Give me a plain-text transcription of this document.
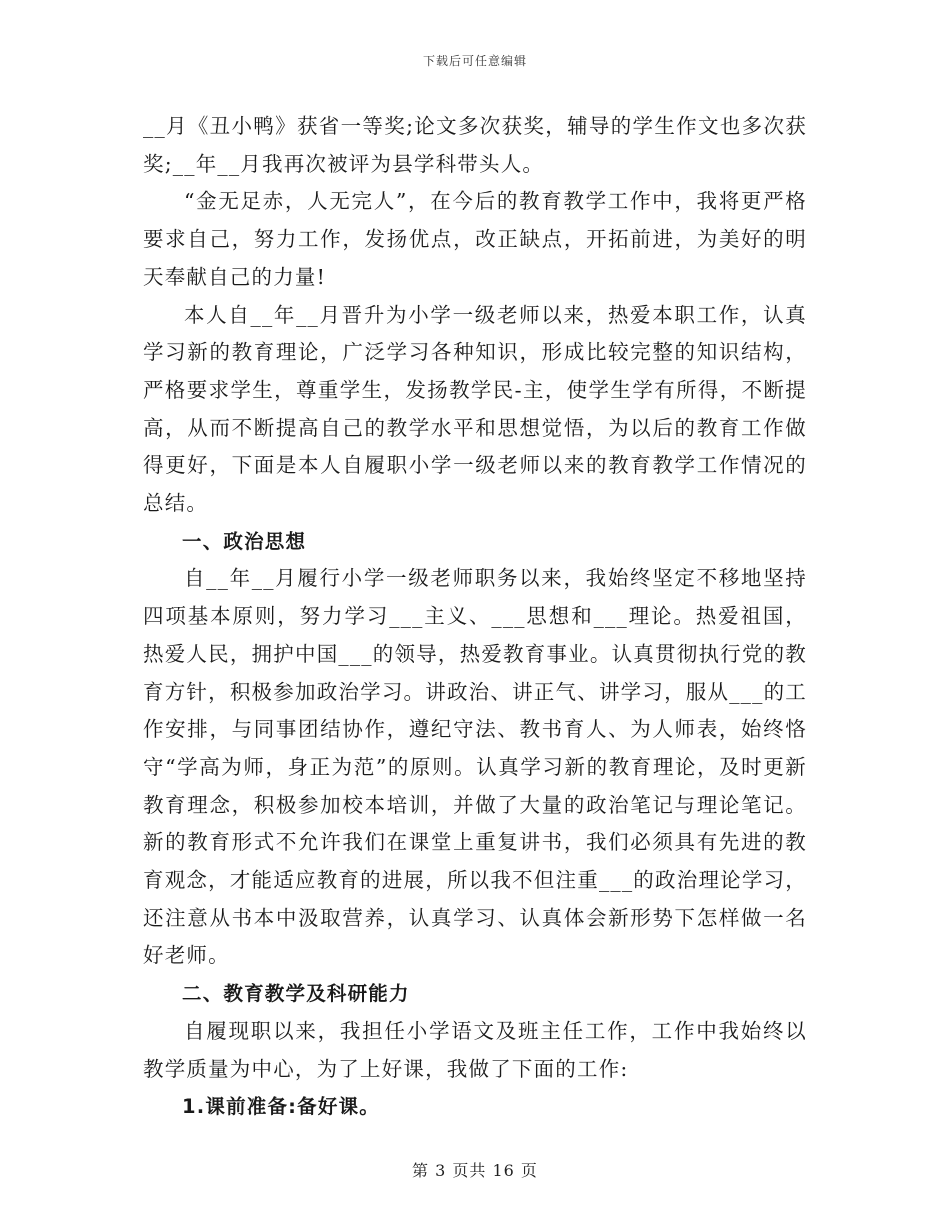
下载后可任意编辑

__月《丑小鸭》获省一等奖;论文多次获奖，辅导的学生作文也多次获奖;__年__月我再次被评为县学科带头人。

“金无足赤，人无完人”，在今后的教育教学工作中，我将更严格要求自己，努力工作，发扬优点，改正缺点，开拓前进，为美好的明天奉献自己的力量!

本人自__年__月晋升为小学一级老师以来，热爱本职工作，认真学习新的教育理论，广泛学习各种知识，形成比较完整的知识结构，严格要求学生，尊重学生，发扬教学民-主，使学生学有所得，不断提高，从而不断提高自己的教学水平和思想觉悟，为以后的教育工作做得更好，下面是本人自履职小学一级老师以来的教育教学工作情况的总结。

一、政治思想

自__年__月履行小学一级老师职务以来，我始终坚定不移地坚持四项基本原则，努力学习___主义、___思想和___理论。热爱祖国，热爱人民，拥护中国___的领导，热爱教育事业。认真贯彻执行党的教育方针，积极参加政治学习。讲政治、讲正气、讲学习，服从___的工作安排，与同事团结协作，遵纪守法、教书育人、为人师表，始终恪守“学高为师，身正为范”的原则。认真学习新的教育理论，及时更新教育理念，积极参加校本培训，并做了大量的政治笔记与理论笔记。新的教育形式不允许我们在课堂上重复讲书，我们必须具有先进的教育观念，才能适应教育的进展，所以我不但注重___的政治理论学习，还注意从书本中汲取营养，认真学习、认真体会新形势下怎样做一名好老师。

二、教育教学及科研能力

自履现职以来，我担任小学语文及班主任工作，工作中我始终以教学质量为中心，为了上好课，我做了下面的工作:

1.课前准备:备好课。

第 3 页共 16 页
